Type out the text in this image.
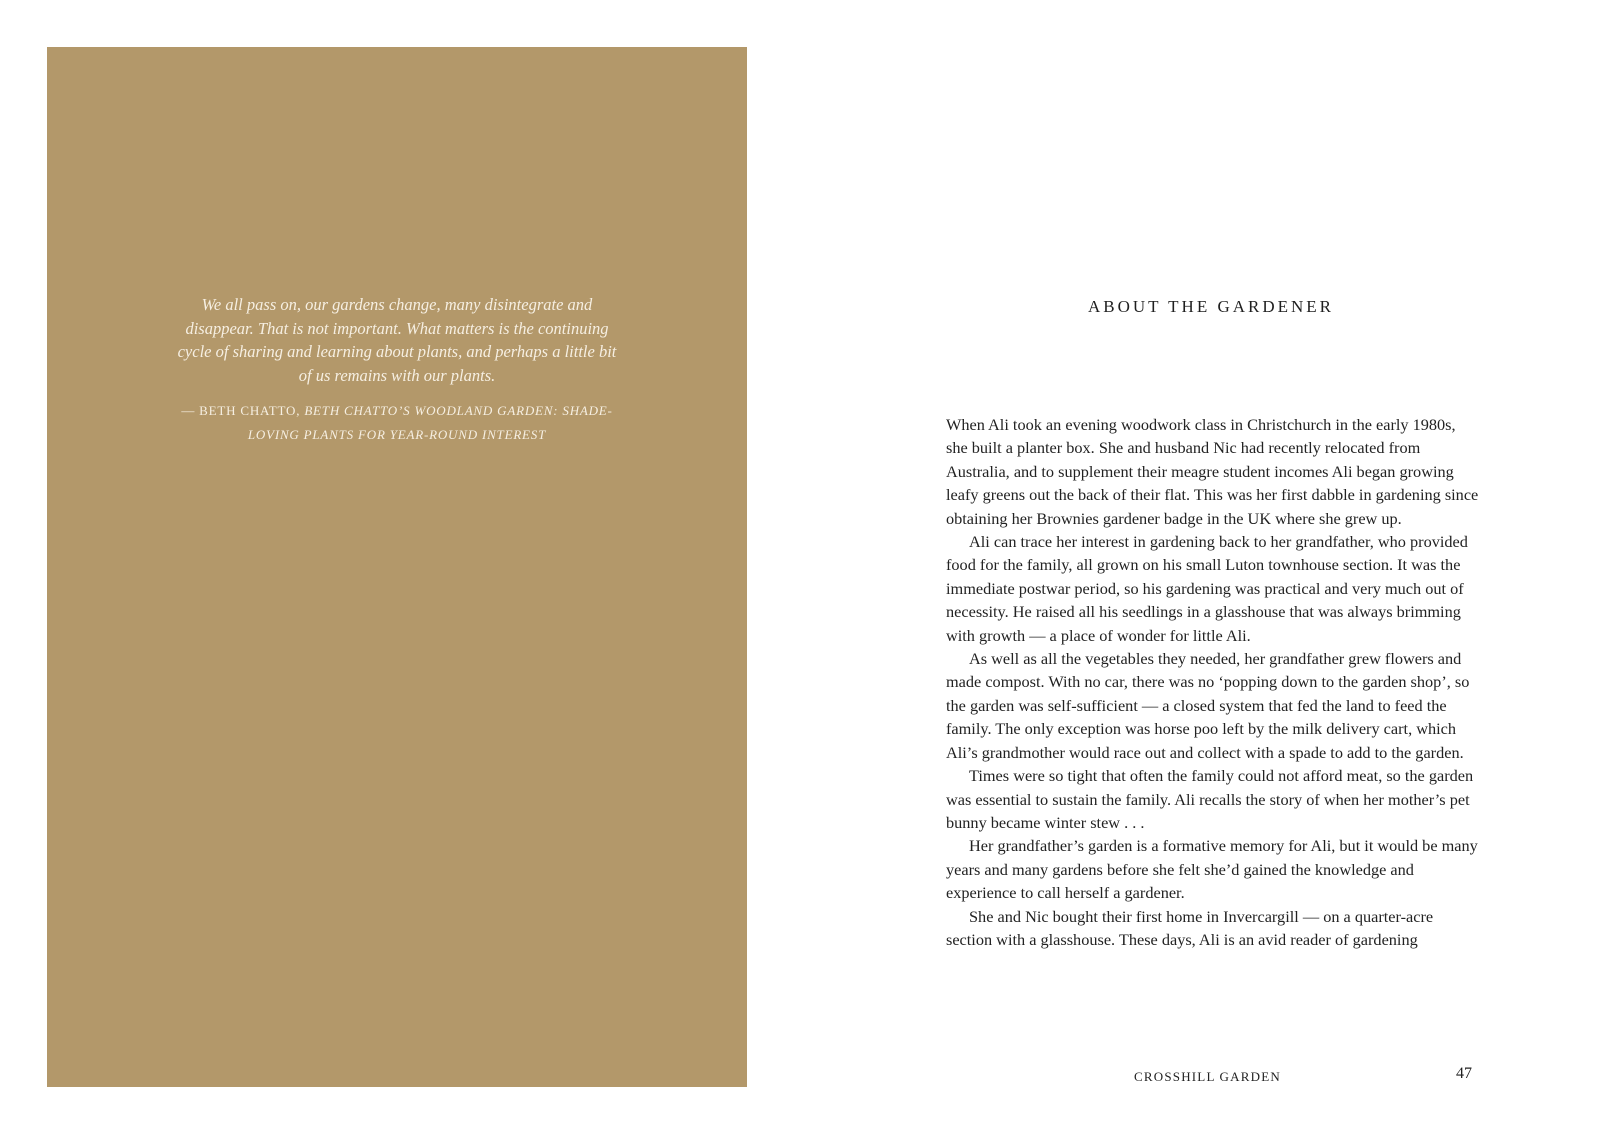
We all pass on, our gardens change, many disintegrate and disappear. That is not important. What matters is the continuing cycle of sharing and learning about plants, and perhaps a little bit of us remains with our plants.

— BETH CHATTO, BETH CHATTO’S WOODLAND GARDEN: SHADE-LOVING PLANTS FOR YEAR-ROUND INTEREST

ABOUT THE GARDENER

When Ali took an evening woodwork class in Christchurch in the early 1980s, she built a planter box. She and husband Nic had recently relocated from Australia, and to supplement their meagre student incomes Ali began growing leafy greens out the back of their flat. This was her first dabble in gardening since obtaining her Brownies gardener badge in the UK where she grew up.

Ali can trace her interest in gardening back to her grandfather, who provided food for the family, all grown on his small Luton townhouse section. It was the immediate postwar period, so his gardening was practical and very much out of necessity. He raised all his seedlings in a glasshouse that was always brimming with growth — a place of wonder for little Ali.

As well as all the vegetables they needed, her grandfather grew flowers and made compost. With no car, there was no ‘popping down to the garden shop’, so the garden was self-sufficient — a closed system that fed the land to feed the family. The only exception was horse poo left by the milk delivery cart, which Ali’s grandmother would race out and collect with a spade to add to the garden.

Times were so tight that often the family could not afford meat, so the garden was essential to sustain the family. Ali recalls the story of when her mother’s pet bunny became winter stew . . .

Her grandfather’s garden is a formative memory for Ali, but it would be many years and many gardens before she felt she’d gained the knowledge and experience to call herself a gardener.

She and Nic bought their first home in Invercargill — on a quarter-acre section with a glasshouse. These days, Ali is an avid reader of gardening

CROSSHILL GARDEN	47
